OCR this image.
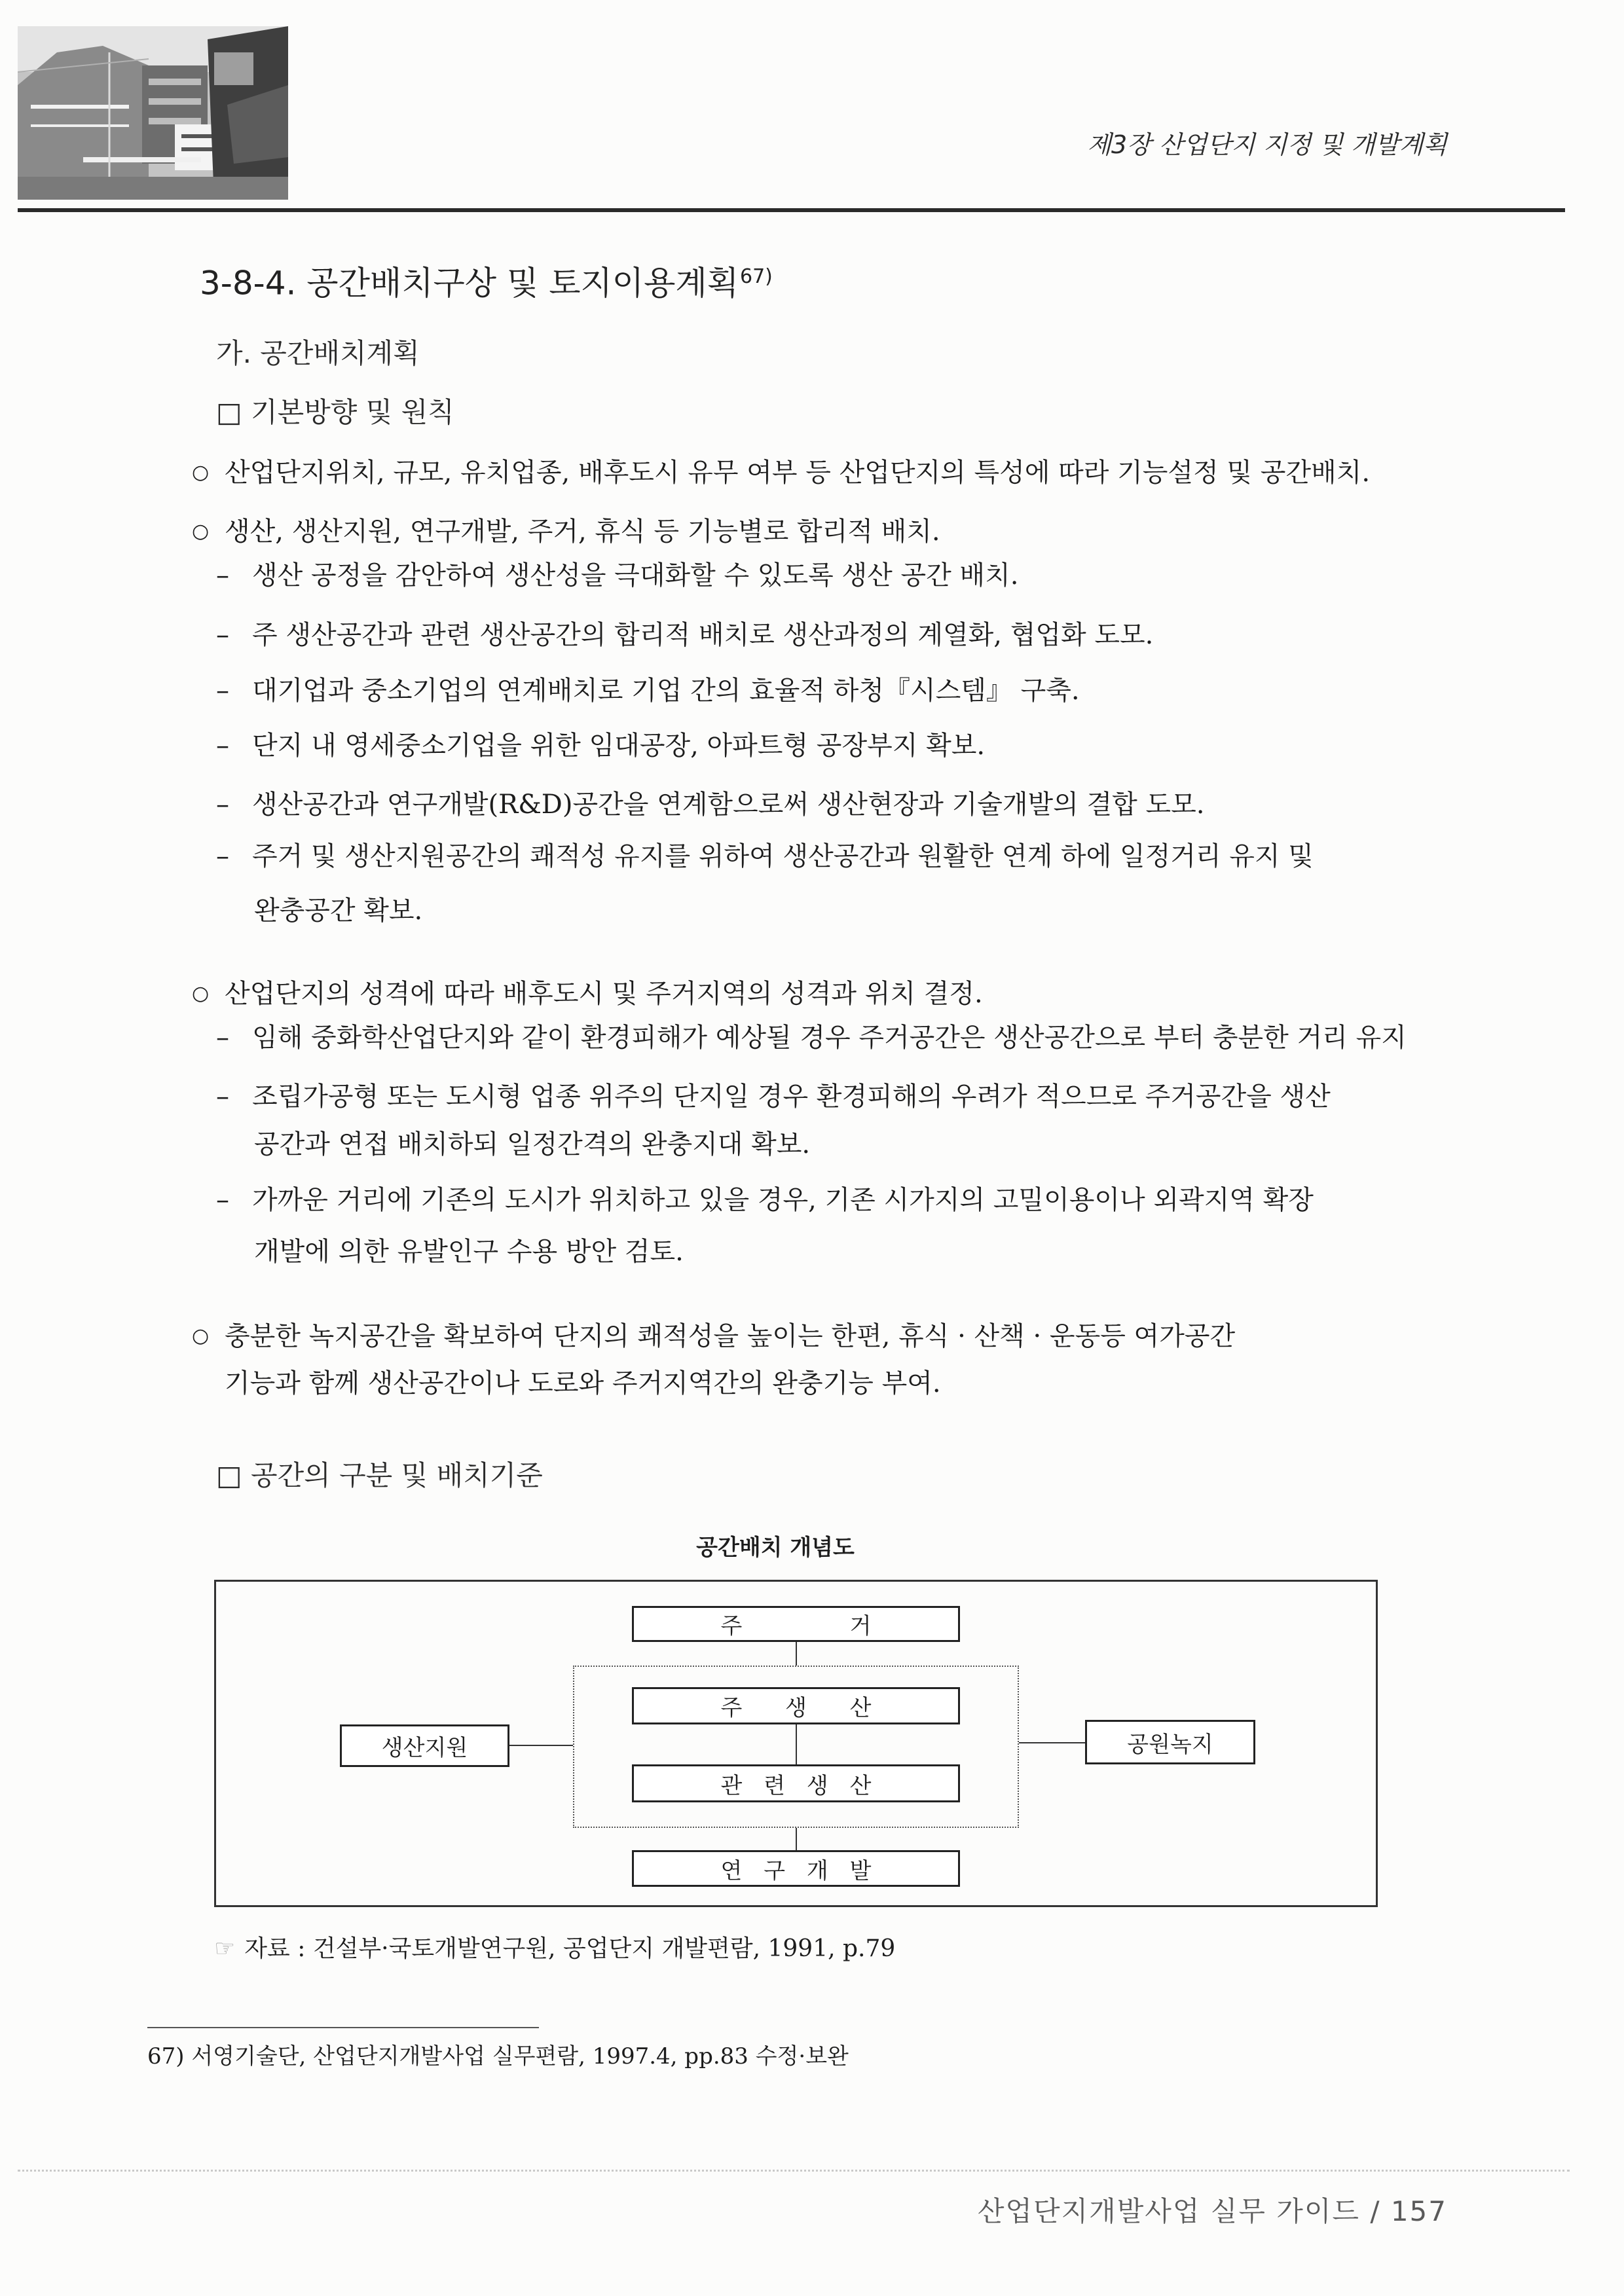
제3장 산업단지 지정 및 개발계획
3-8-4. 공간배치구상 및 토지이용계획$^{67)}$
가. 공간배치계획
□ 기본방향 및 원칙
○ 산업단지위치, 규모, 유치업종, 배후도시 유무 여부 등 산업단지의 특성에 따라 기능설정 및 공간배치.
○ 생산, 생산지원, 연구개발, 주거, 휴식 등 기능별로 합리적 배치.
– 생산 공정을 감안하여 생산성을 극대화할 수 있도록 생산 공간 배치.
– 주 생산공간과 관련 생산공간의 합리적 배치로 생산과정의 계열화, 협업화 도모.
– 대기업과 중소기업의 연계배치로 기업 간의 효율적 하청『시스템』 구축.
– 단지 내 영세중소기업을 위한 임대공장, 아파트형 공장부지 확보.
– 생산공간과 연구개발(R&D)공간을 연계함으로써 생산현장과 기술개발의 결합 도모.
– 주거 및 생산지원공간의 쾌적성 유지를 위하여 생산공간과 원활한 연계 하에 일정거리 유지 및
완충공간 확보.
○ 산업단지의 성격에 따라 배후도시 및 주거지역의 성격과 위치 결정.
– 임해 중화학산업단지와 같이 환경피해가 예상될 경우 주거공간은 생산공간으로 부터 충분한 거리 유지
– 조립가공형 또는 도시형 업종 위주의 단지일 경우 환경피해의 우려가 적으므로 주거공간을 생산
공간과 연접 배치하되 일정간격의 완충지대 확보.
– 가까운 거리에 기존의 도시가 위치하고 있을 경우, 기존 시가지의 고밀이용이나 외곽지역 확장
개발에 의한 유발인구 수용 방안 검토.
○ 충분한 녹지공간을 확보하여 단지의 쾌적성을 높이는 한편, 휴식 · 산책 · 운동등 여가공간
기능과 함께 생산공간이나 도로와 주거지역간의 완충기능 부여.
□ 공간의 구분 및 배치기준
공간배치 개념도
주 거
주 생 산
관 련 생 산
연 구 개 발
생산지원	공원녹지
☞ 자료 : 건설부·국토개발연구원, 공업단지 개발편람, 1991, p.79
67) 서영기술단, 산업단지개발사업 실무편람, 1997.4, pp.83 수정·보완
산업단지개발사업 실무 가이드 / 157
